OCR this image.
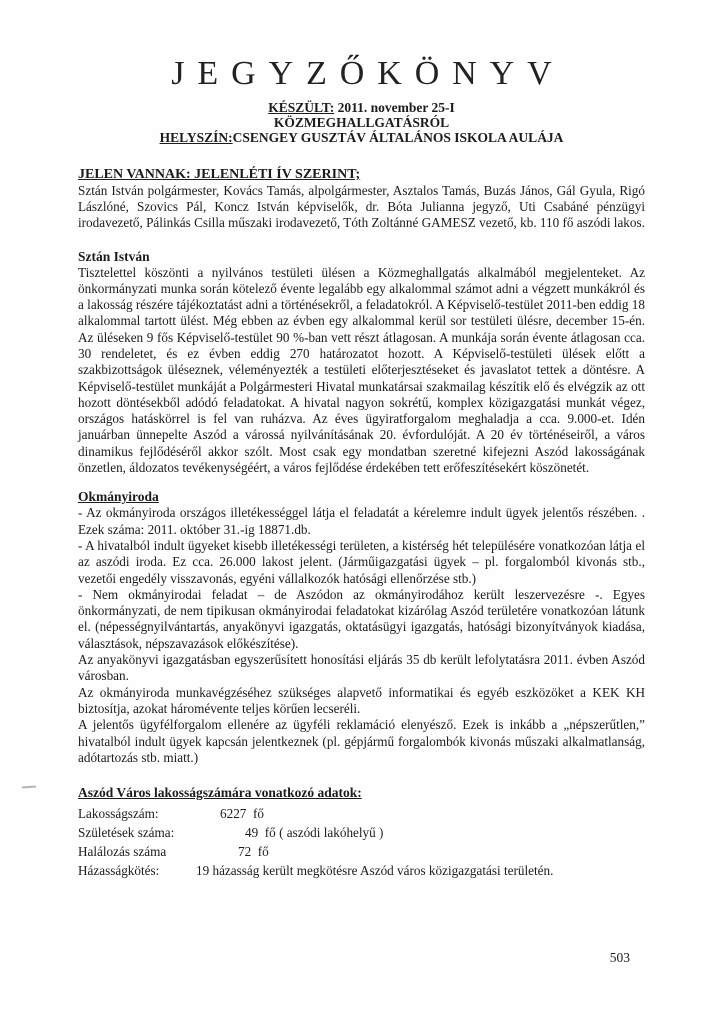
JEGYZŐKÖNYV
KÉSZÜLT: 2011. november 25-I
KÖZMEGHALLGATÁSRÓL
HELYSZÍN:CSENGEY GUSZTÁV ÁLTALÁNOS ISKOLA AULÁJA

JELEN VANNAK: JELENLÉTI ÍV SZERINT;

Sztán István polgármester, Kovács Tamás, alpolgármester, Asztalos Tamás, Buzás János, Gál Gyula, Rigó Lászlóné, Szovics Pál, Koncz István képviselők, dr. Bóta Julianna jegyző, Uti Csabáné pénzügyi irodavezető, Pálinkás Csilla műszaki irodavezető, Tóth Zoltánné GAMESZ vezető, kb. 110 fő aszódi lakos.

Sztán István

Tisztelettel köszönti a nyilvános testületi ülésen a Közmeghallgatás alkalmából megjelenteket. Az önkormányzati munka során kötelező évente legalább egy alkalommal számot adni a végzett munkákról és a lakosság részére tájékoztatást adni a történésekről, a feladatokról. A Képviselő-testület 2011-ben eddig 18 alkalommal tartott ülést. Még ebben az évben egy alkalommal kerül sor testületi ülésre, december 15-én. Az üléseken 9 fős Képviselő-testület 90 %-ban vett részt átlagosan. A munkája során évente átlagosan cca. 30 rendeletet, és ez évben eddig 270 határozatot hozott. A Képviselő-testületi ülések előtt a szakbizottságok üléseznek, véleményezték a testületi előterjesztéseket és javaslatot tettek a döntésre. A Képviselő-testület munkáját a Polgármesteri Hivatal munkatársai szakmailag készítik elő és elvégzik az ott hozott döntésekből adódó feladatokat. A hivatal nagyon sokrétű, komplex közigazgatási munkát végez, országos hatáskörrel is fel van ruházva. Az éves ügyiratforgalom meghaladja a cca. 9.000-et. Idén januárban ünnepelte Aszód a várossá nyilvánításának 20. évfordulóját. A 20 év történéseiről, a város dinamikus fejlődéséről akkor szólt. Most csak egy mondatban szeretné kifejezni Aszód lakosságának önzetlen, áldozatos tevékenységéért, a város fejlődése érdekében tett erőfeszítésekért köszönetét.

Okmányiroda

- Az okmányiroda országos illetékességgel látja el feladatát a kérelemre indult ügyek jelentős részében. . Ezek száma: 2011. október 31.-ig 18871.db.

- A hivatalból indult ügyeket kisebb illetékességi területen, a kistérség hét településére vonatkozóan látja el az aszódi iroda. Ez cca. 26.000 lakost jelent. (Járműigazgatási ügyek – pl. forgalomból kivonás stb., vezetői engedély visszavonás, egyéni vállalkozók hatósági ellenőrzése stb.)

- Nem okmányirodai feladat – de Aszódon az okmányirodához került leszervezésre -. Egyes önkormányzati, de nem tipikusan okmányirodai feladatokat kizárólag Aszód területére vonatkozóan látunk el. (népességnyilvántartás, anyakönyvi igazgatás, oktatásügyi igazgatás, hatósági bizonyítványok kiadása, választások, népszavazások előkészítése).

Az anyakönyvi igazgatásban egyszerűsített honosítási eljárás 35 db került lefolytatásra 2011. évben Aszód városban.

Az okmányiroda munkavégzéséhez szükséges alapvető informatikai és egyéb eszközöket a KEK KH biztosítja, azokat háromévente teljes körűen lecseréli.

A jelentős ügyfélforgalom ellenére az ügyféli reklamáció elenyésző. Ezek is inkább a „népszerűtlen,” hivatalból indult ügyek kapcsán jelentkeznek (pl. gépjármű forgalombók kivonás műszaki alkalmatlanság, adótartozás stb. miatt.)

Aszód Város lakosságszámára vonatkozó adatok:

Lakosságszám:	6227  fő
Születések száma:	49  fő ( aszódi lakóhelyű )
Halálozás száma	72  fő
Házasságkötés:	19 házasság került megkötésre Aszód város közigazgatási területén.
503
